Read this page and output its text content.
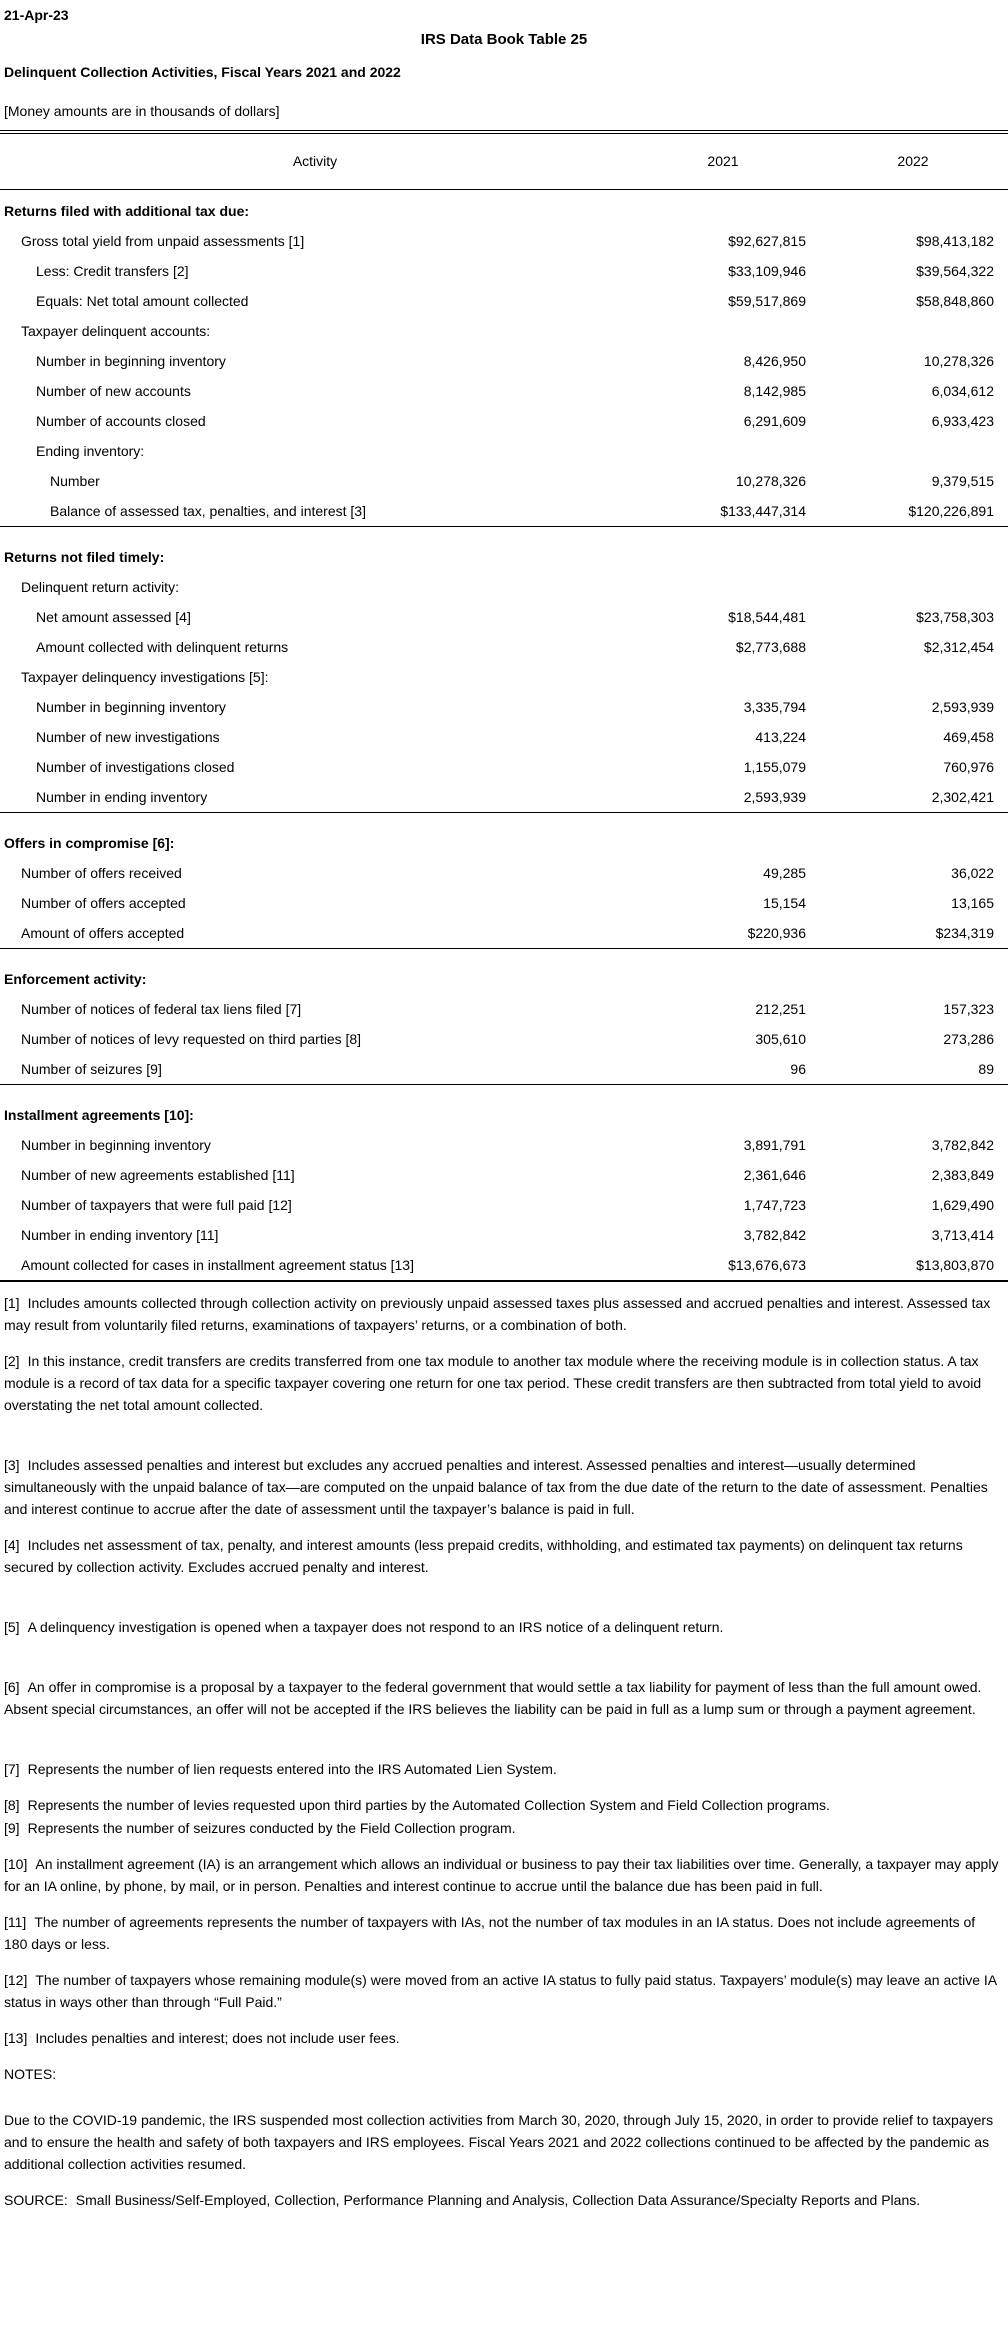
21-Apr-23
IRS Data Book Table 25
Delinquent Collection Activities, Fiscal Years 2021 and 2022
[Money amounts are in thousands of dollars]
Activity	2021	2022
Returns filed with additional tax due:
Gross total yield from unpaid assessments [1]	$92,627,815	$98,413,182
Less: Credit transfers [2]	$33,109,946	$39,564,322
Equals: Net total amount collected	$59,517,869	$58,848,860
Taxpayer delinquent accounts:
Number in beginning inventory	8,426,950	10,278,326
Number of new accounts	8,142,985	6,034,612
Number of accounts closed	6,291,609	6,933,423
Ending inventory:
Number	10,278,326	9,379,515
Balance of assessed tax, penalties, and interest [3]	$133,447,314	$120,226,891
Returns not filed timely:
Delinquent return activity:
Net amount assessed [4]	$18,544,481	$23,758,303
Amount collected with delinquent returns	$2,773,688	$2,312,454
Taxpayer delinquency investigations [5]:
Number in beginning inventory	3,335,794	2,593,939
Number of new investigations	413,224	469,458
Number of investigations closed	1,155,079	760,976
Number in ending inventory	2,593,939	2,302,421
Offers in compromise [6]:
Number of offers received	49,285	36,022
Number of offers accepted	15,154	13,165
Amount of offers accepted	$220,936	$234,319
Enforcement activity:
Number of notices of federal tax liens filed [7]	212,251	157,323
Number of notices of levy requested on third parties [8]	305,610	273,286
Number of seizures [9]	96	89
Installment agreements [10]:
Number in beginning inventory	3,891,791	3,782,842
Number of new agreements established [11]	2,361,646	2,383,849
Number of taxpayers that were full paid [12]	1,747,723	1,629,490
Number in ending inventory [11]	3,782,842	3,713,414
Amount collected for cases in installment agreement status [13]	$13,676,673	$13,803,870
[1] Includes amounts collected through collection activity on previously unpaid assessed taxes plus assessed and accrued penalties and interest. Assessed tax may result from voluntarily filed returns, examinations of taxpayers’ returns, or a combination of both.
[2] In this instance, credit transfers are credits transferred from one tax module to another tax module where the receiving module is in collection status. A tax module is a record of tax data for a specific taxpayer covering one return for one tax period. These credit transfers are then subtracted from total yield to avoid overstating the net total amount collected.
[3] Includes assessed penalties and interest but excludes any accrued penalties and interest. Assessed penalties and interest—usually determined simultaneously with the unpaid balance of tax—are computed on the unpaid balance of tax from the due date of the return to the date of assessment. Penalties and interest continue to accrue after the date of assessment until the taxpayer’s balance is paid in full.
[4] Includes net assessment of tax, penalty, and interest amounts (less prepaid credits, withholding, and estimated tax payments) on delinquent tax returns secured by collection activity. Excludes accrued penalty and interest.
[5] A delinquency investigation is opened when a taxpayer does not respond to an IRS notice of a delinquent return.
[6] An offer in compromise is a proposal by a taxpayer to the federal government that would settle a tax liability for payment of less than the full amount owed. Absent special circumstances, an offer will not be accepted if the IRS believes the liability can be paid in full as a lump sum or through a payment agreement.
[7] Represents the number of lien requests entered into the IRS Automated Lien System.
[8] Represents the number of levies requested upon third parties by the Automated Collection System and Field Collection programs.
[9] Represents the number of seizures conducted by the Field Collection program.
[10] An installment agreement (IA) is an arrangement which allows an individual or business to pay their tax liabilities over time. Generally, a taxpayer may apply for an IA online, by phone, by mail, or in person. Penalties and interest continue to accrue until the balance due has been paid in full.
[11] The number of agreements represents the number of taxpayers with IAs, not the number of tax modules in an IA status. Does not include agreements of 180 days or less.
[12] The number of taxpayers whose remaining module(s) were moved from an active IA status to fully paid status. Taxpayers’ module(s) may leave an active IA status in ways other than through “Full Paid.”
[13] Includes penalties and interest; does not include user fees.
NOTES:
Due to the COVID-19 pandemic, the IRS suspended most collection activities from March 30, 2020, through July 15, 2020, in order to provide relief to taxpayers and to ensure the health and safety of both taxpayers and IRS employees. Fiscal Years 2021 and 2022 collections continued to be affected by the pandemic as additional collection activities resumed.
SOURCE: Small Business/Self-Employed, Collection, Performance Planning and Analysis, Collection Data Assurance/Specialty Reports and Plans.
